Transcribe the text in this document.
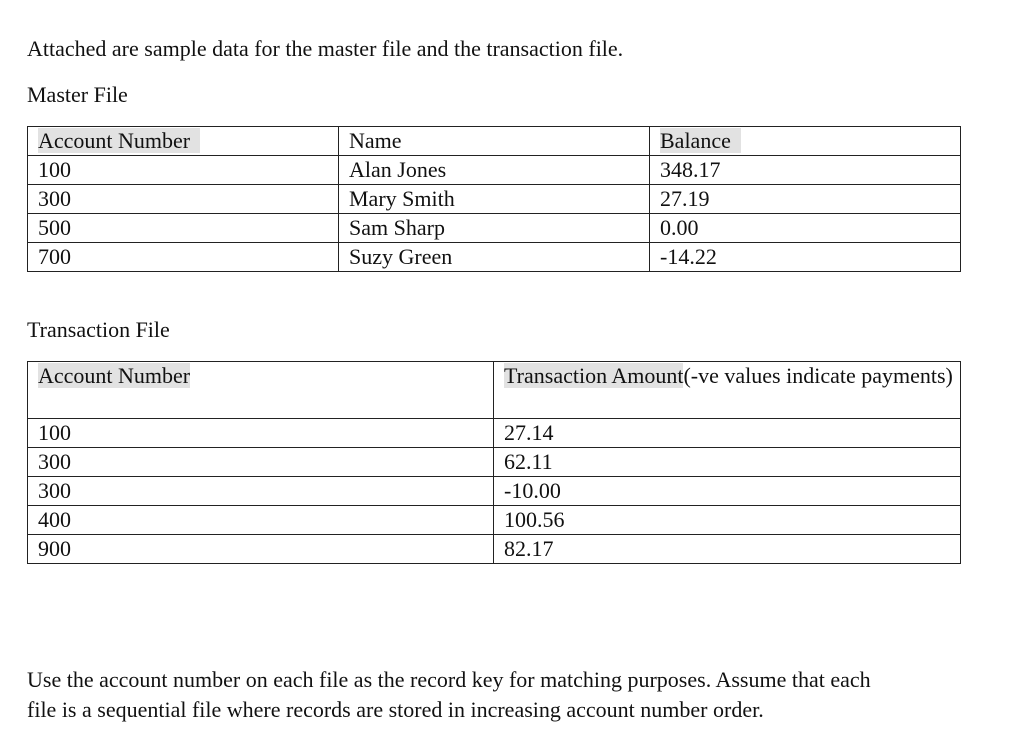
Attached are sample data for the master file and the transaction file.
Master File
Account Number	Name	Balance
100	Alan Jones	348.17
300	Mary Smith	27.19
500	Sam Sharp	0.00
700	Suzy Green	-14.22
Transaction File
Account Number	Transaction Amount(-ve values indicate payments)
100	27.14
300	62.11
300	-10.00
400	100.56
900	82.17
Use the account number on each file as the record key for matching purposes. Assume that each
file is a sequential file where records are stored in increasing account number order.
